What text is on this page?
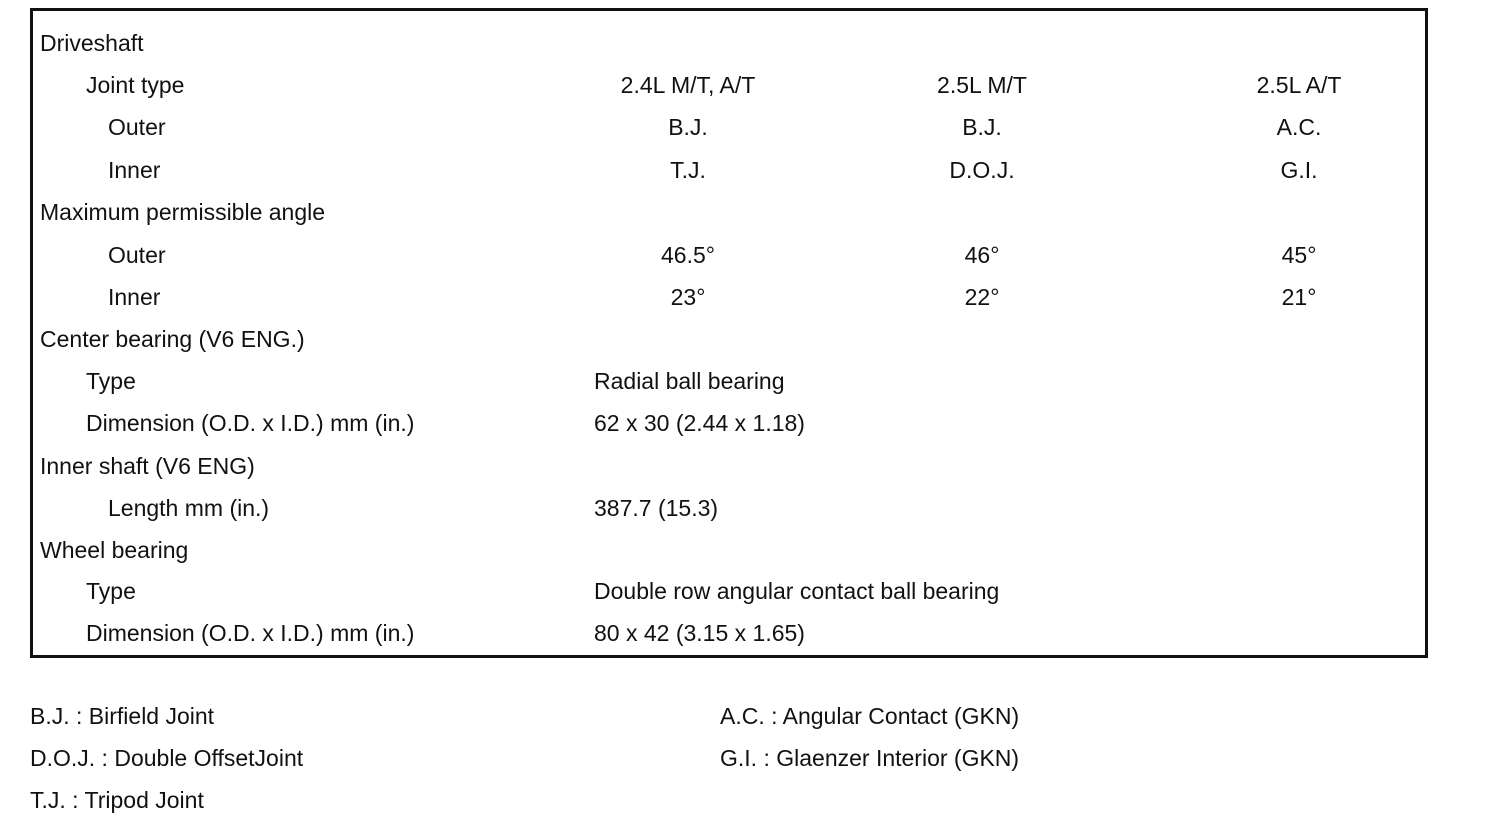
Driveshaft
Joint type	2.4L M/T, A/T	2.5L M/T	2.5L A/T
Outer	B.J.	B.J.	A.C.
Inner	T.J.	D.O.J.	G.I.
Maximum permissible angle
Outer	46.5°	46°	45°
Inner	23°	22°	21°
Center bearing (V6 ENG.)
Type	Radial ball bearing
Dimension (O.D. x I.D.) mm (in.)	62 x 30 (2.44 x 1.18)
Inner shaft (V6 ENG)
Length mm (in.)	387.7 (15.3)
Wheel bearing
Type	Double row angular contact ball bearing
Dimension (O.D. x I.D.) mm (in.)	80 x 42 (3.15 x 1.65)
B.J. : Birfield Joint
D.O.J. : Double OffsetJoint
T.J. : Tripod Joint
A.C. : Angular Contact (GKN)
G.I. : Glaenzer Interior (GKN)
